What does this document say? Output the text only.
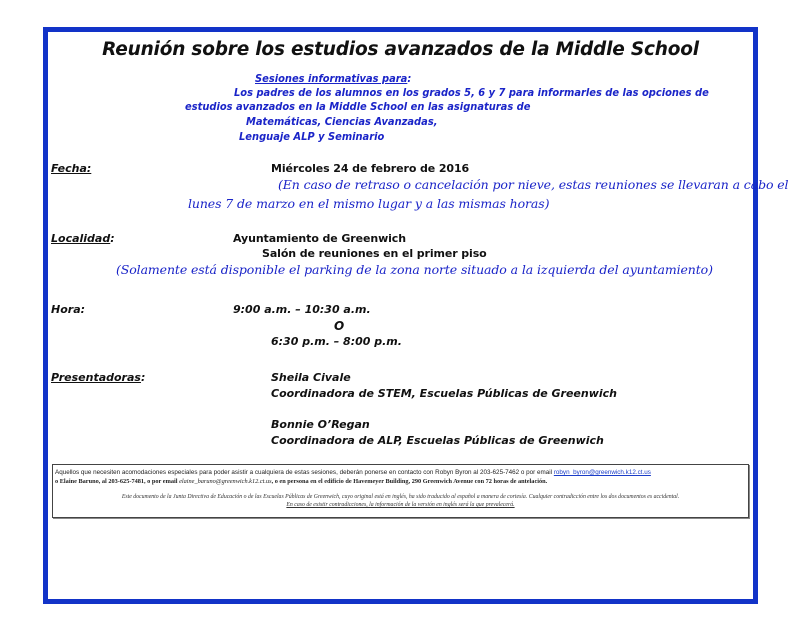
Reunión sobre los estudios avanzados de la Middle School
Sesiones informativas para:
Los padres de los alumnos en los grados 5, 6 y 7 para informarles de las opciones de
estudios avanzados en la Middle School en las asignaturas de
Matemáticas, Ciencias Avanzadas,
Lenguaje ALP y Seminario
Fecha:	Miércoles 24 de febrero de 2016
(En caso de retraso o cancelación por nieve, estas reuniones se llevaran a cabo el
lunes 7 de marzo en el mismo lugar y a las mismas horas)
Localidad:	Ayuntamiento de Greenwich
Salón de reuniones en el primer piso
(Solamente está disponible el parking de la zona norte situado a la izquierda del ayuntamiento)
Hora:	9:00 a.m. – 10:30 a.m.
O
6:30 p.m. – 8:00 p.m.
Presentadoras:	Sheila Civale
Coordinadora de STEM, Escuelas Públicas de Greenwich
Bonnie O’Regan
Coordinadora de ALP, Escuelas Públicas de Greenwich
Aquellos que necesiten acomodaciones especiales para poder asistir a cualquiera de estas sesiones, deberán ponerse en contacto con Robyn Byron al 203-625-7462 o por email robyn_byron@greenwich.k12.ct.us
o Elaine Baruno, al 203-625-7481, o por email elaine_baruno@greenwich.k12.ct.us, o en persona en el edificio de Havemeyer Building, 290 Greenwich Avenue con 72 horas de antelación.
Este documento de la Junta Directiva de Educación o de las Escuelas Públicas de Greenwich, cuyo original está en inglés, ha sido traducido al español a manera de cortesía. Cualquier contradicción entre los dos documentos es accidental.
En caso de existir contradicciones, la información de la versión en inglés será la que prevalecerá.
